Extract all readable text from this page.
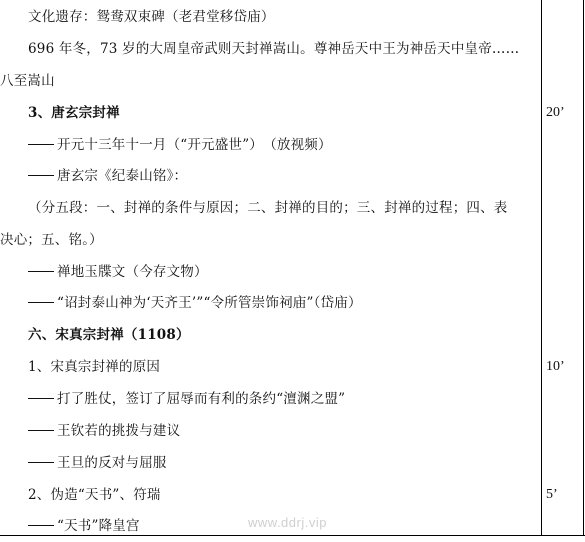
文化遗存：鸳鸯双束碑（老君堂移岱庙）
696 年冬，73 岁的大周皇帝武则天封禅嵩山。尊神岳天中王为神岳天中皇帝……
八至嵩山
3、唐玄宗封禅
开元十三年十一月（“开元盛世”）　（放视频）
唐玄宗《纪泰山铭》：
（分五段：一、封禅的条件与原因；二、封禅的目的；三、封禅的过程；四、表
决心；五、铭。）
禅地玉牒文（今存文物）
“诏封泰山神为‘天齐王’”“令所管崇饰祠庙”（岱庙）
六、宋真宗封禅（1108）
1、宋真宗封禅的原因
打了胜仗，签订了屈辱而有利的条约“澶渊之盟”
王钦若的挑拨与建议
王旦的反对与屈服
2、伪造“天书”、符瑞
“天书”降皇宫
20’
10’
5’
www.ddrj.vip
